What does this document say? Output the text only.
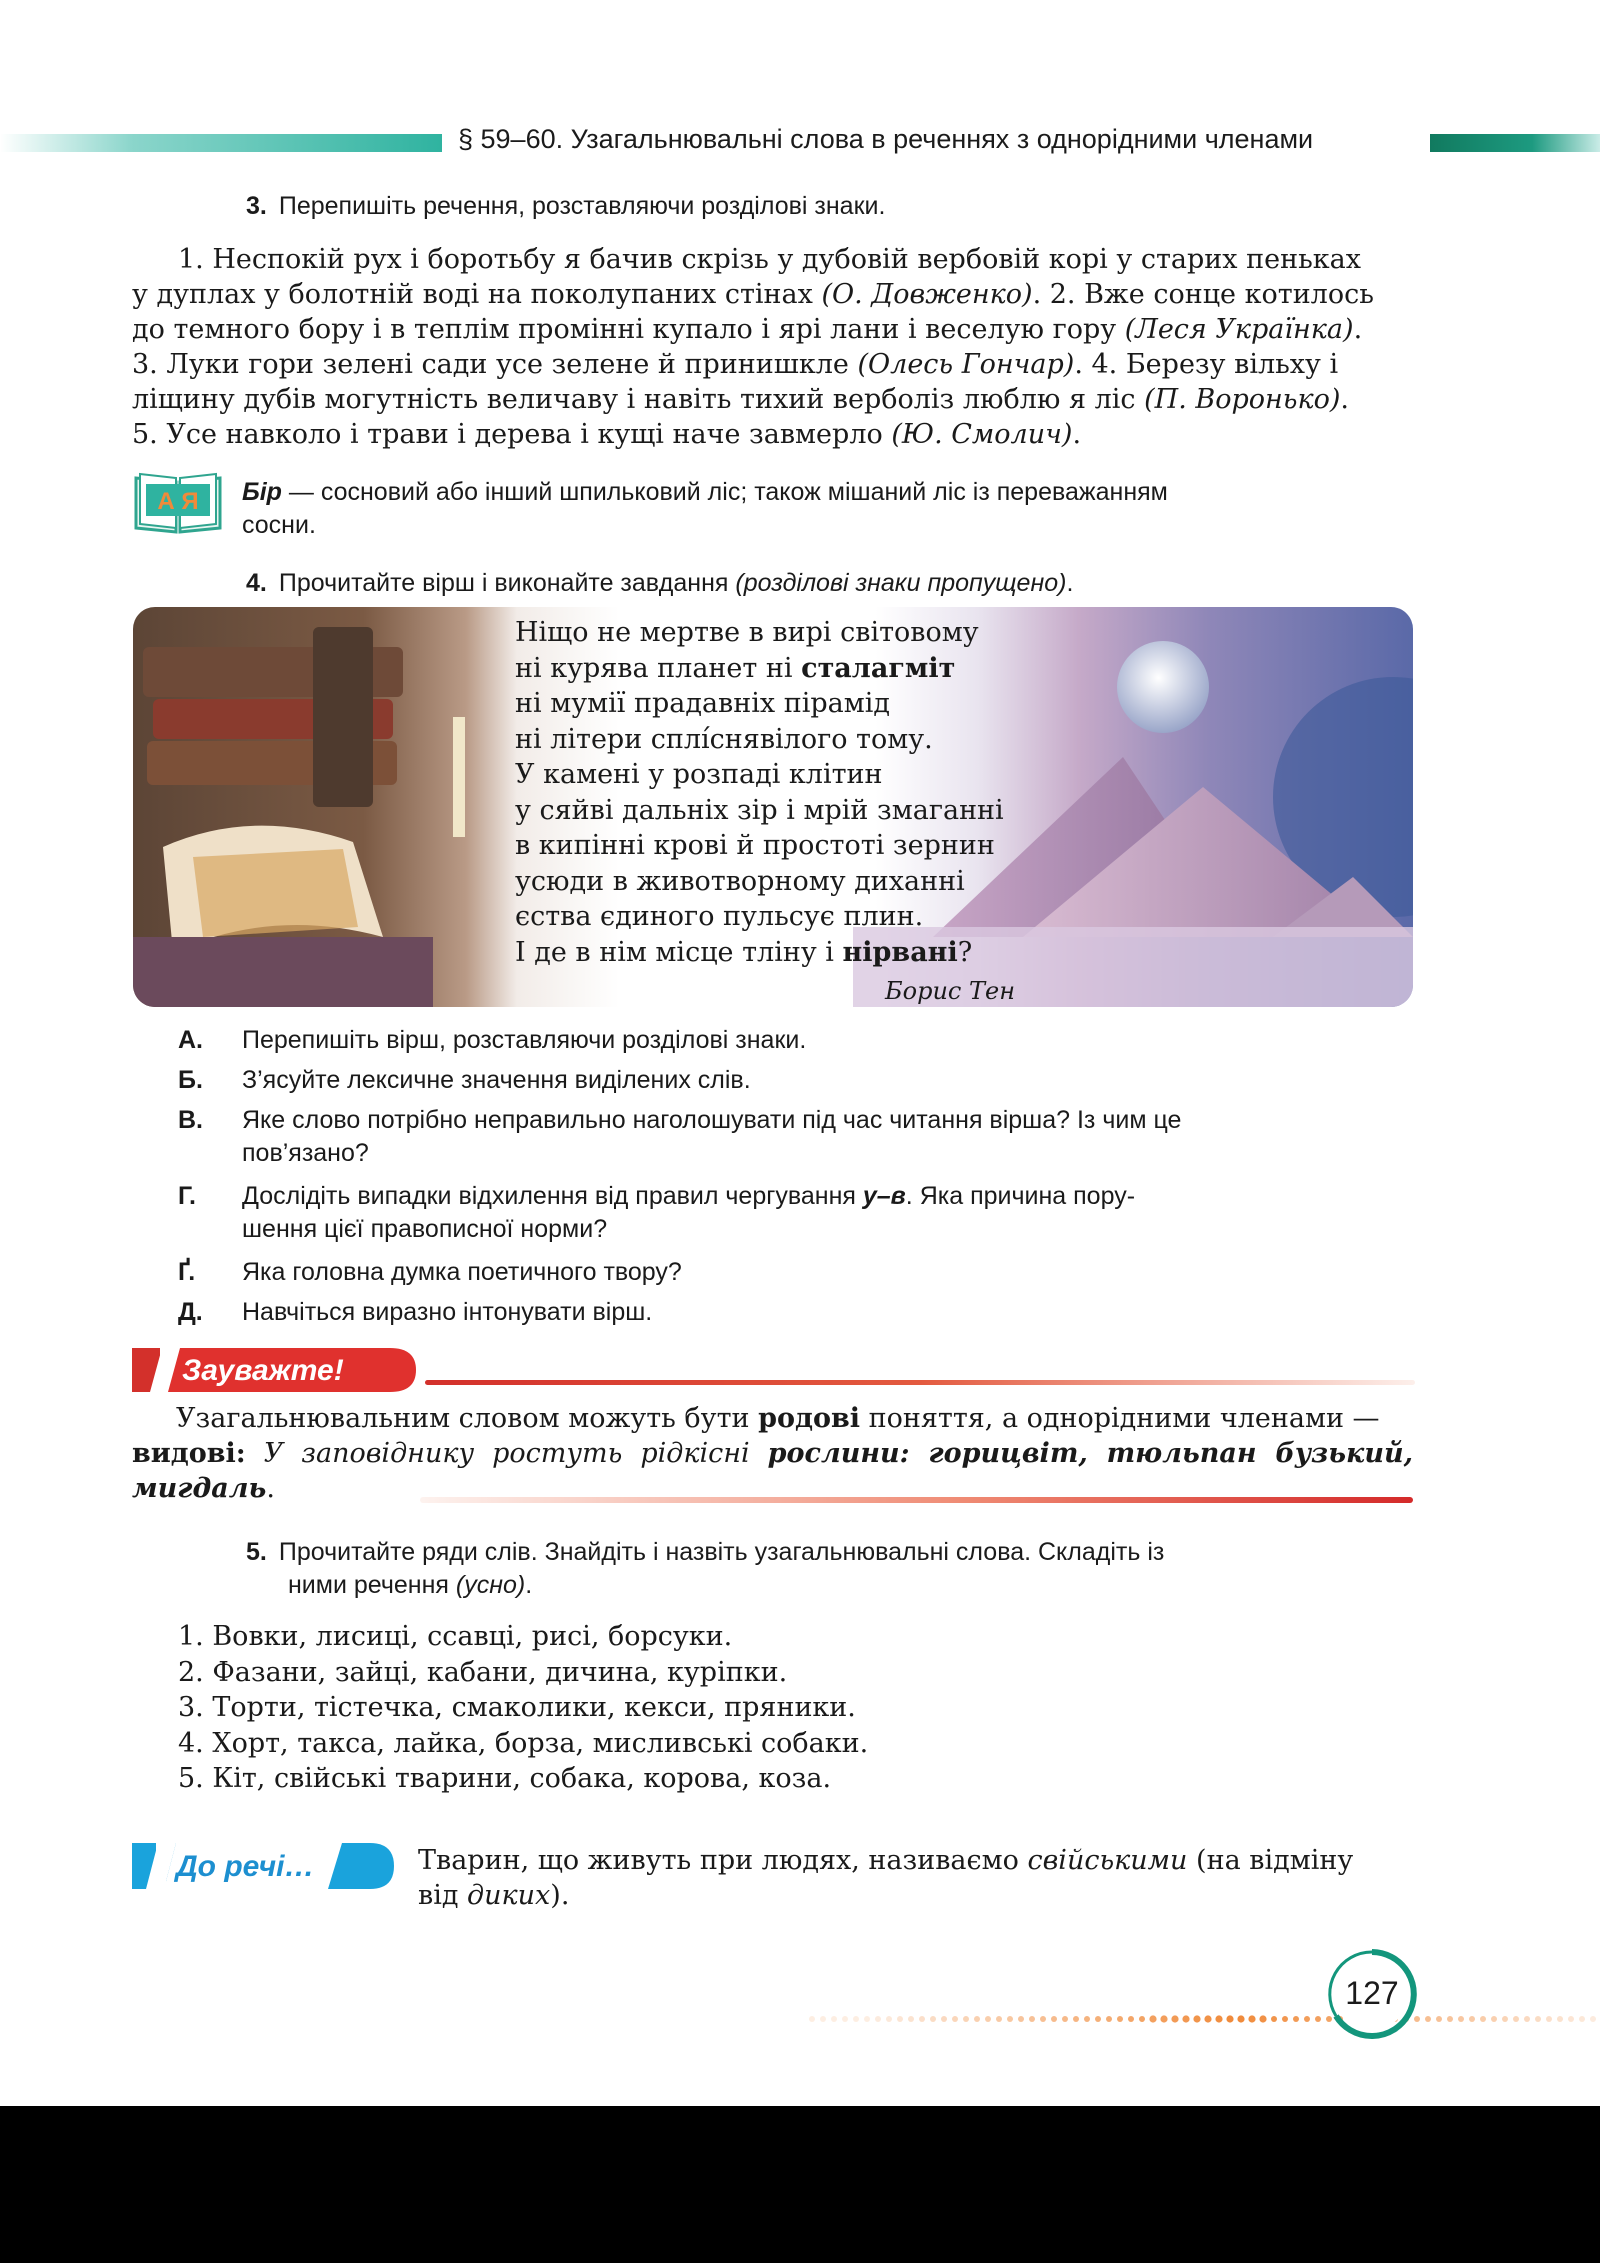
§ 59–60. Узагальнювальні слова в реченнях з однорідними членами
3. Перепишіть речення, розставляючи розділові знаки.
1. Неспокій рух і боротьбу я бачив скрізь у дубовій вербовій корі у старих пеньках
у дуплах у болотній воді на поколупаних стінах (О. Довженко). 2. Вже сонце котилось
до темного бору і в теплім промінні купало і ярі лани і веселую гору (Леся Українка).
3. Луки гори зелені сади усе зелене й принишкле (Олесь Гончар). 4. Березу вільху і
ліщину дубів могутність величаву і навіть тихий верболіз люблю я ліс (П. Воронько).
5. Усе навколо і трави і дерева і кущі наче завмерло (Ю. Смолич).
А Я Бір — сосновий або інший шпильковий ліс; також мішаний ліс із переважанням
сосни.
4. Прочитайте вірш і виконайте завдання (розділові знаки пропущено).
Ніщо не мертве в вирі світовому
ні курява планет ні сталагміт
ні мумії прадавніх пірамід
ні літери сплíснявілого тому.
У камені у розпаді клітин
у сяйві дальніх зір і мрій змаганні
в кипінні крові й простоті зернин
усюди в животворному диханні
єства єдиного пульсує плин.
І де в нім місце тліну і нірвані?
Борис Тен
А. Перепишіть вірш, розставляючи розділові знаки.
Б. З’ясуйте лексичне значення виділених слів.
В. Яке слово потрібно неправильно наголошувати під час читання вірша? Із чим це пов’язано?
Г. Дослідіть випадки відхилення від правил чергування у–в. Яка причина пору-
шення цієї правописної норми?
Ґ. Яка головна думка поетичного твору?
Д. Навчіться виразно інтонувати вірш.
Зауважте!
Узагальнювальним словом можуть бути родові поняття, а однорідними членами —
видові: У заповіднику ростуть рідкісні рослини: горицвіт, тюльпан бузький, мигдаль.
5. Прочитайте ряди слів. Знайдіть і назвіть узагальнювальні слова. Складіть із
ними речення (усно).
1. Вовки, лисиці, ссавці, рисі, борсуки.
2. Фазани, зайці, кабани, дичина, куріпки.
3. Торти, тістечка, смаколики, кекси, пряники.
4. Хорт, такса, лайка, борза, мисливські собаки.
5. Кіт, свійські тварини, собака, корова, коза.
До речі…	Тварин, що живуть при людях, називаємо свійськими (на відміну
від диких).
127
